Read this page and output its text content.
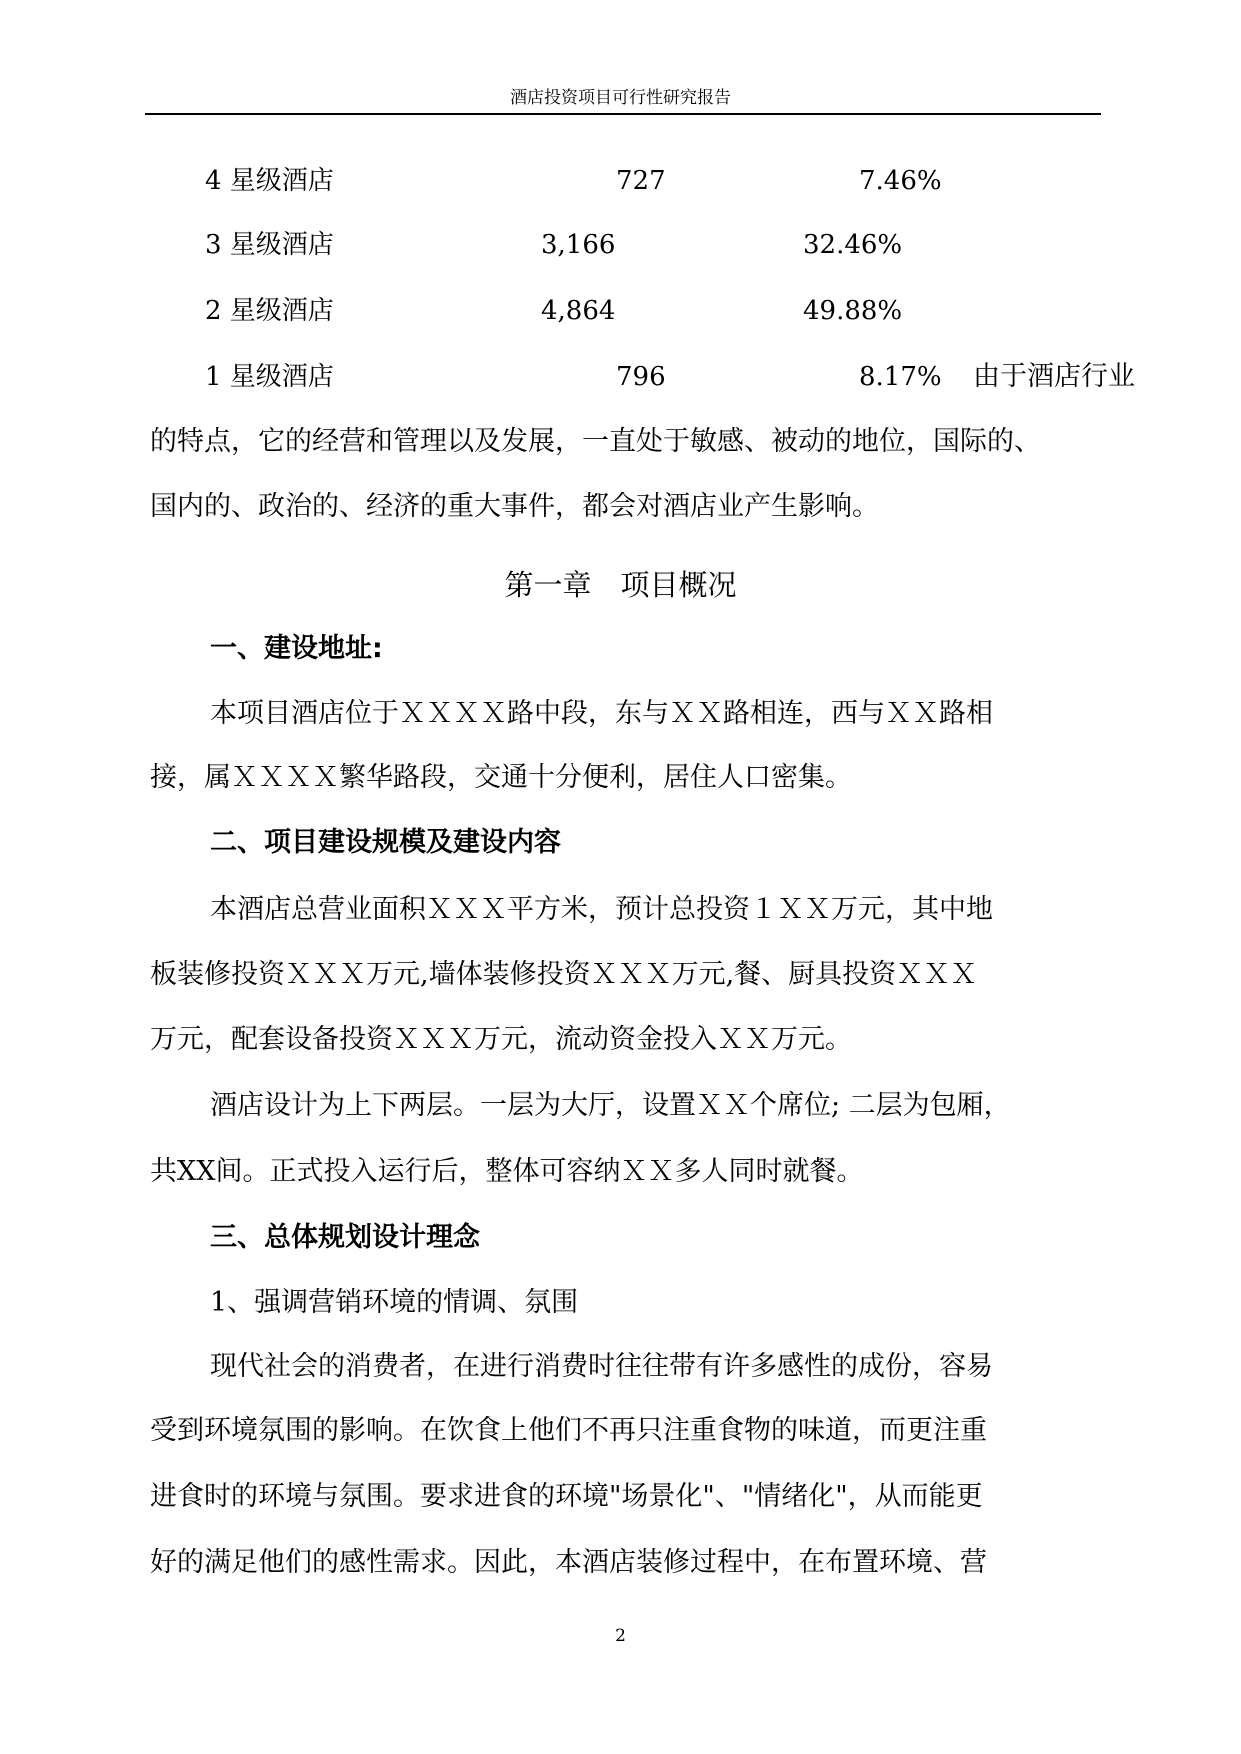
酒店投资项目可行性研究报告
4 星级酒店	727	7.46%
3 星级酒店	3,166	32.46%
2 星级酒店	4,864	49.88%
1 星级酒店	796	8.17% 由于酒店行业
的特点，它的经营和管理以及发展，一直处于敏感、被动的地位，国际的、
国内的、政治的、经济的重大事件，都会对酒店业产生影响。
第一章　项目概况
一、建设地址:
本项目酒店位于ＸＸＸＸ路中段，东与ＸＸ路相连，西与ＸＸ路相
接，属ＸＸＸＸ繁华路段，交通十分便利，居住人口密集。
二、项目建设规模及建设内容
本酒店总营业面积ＸＸＸ平方米，预计总投资１ＸＸ万元，其中地
板装修投资ＸＸＸ万元,墙体装修投资ＸＸＸ万元,餐、厨具投资ＸＸＸ
万元，配套设备投资ＸＸＸ万元，流动资金投入ＸＸ万元。
酒店设计为上下两层。一层为大厅，设置ＸＸ个席位; 二层为包厢，
共XX间。正式投入运行后，整体可容纳ＸＸ多人同时就餐。
三、总体规划设计理念
1、强调营销环境的情调、氛围
现代社会的消费者，在进行消费时往往带有许多感性的成份，容易
受到环境氛围的影响。在饮食上他们不再只注重食物的味道，而更注重
进食时的环境与氛围。要求进食的环境"场景化"、"情绪化"，从而能更
好的满足他们的感性需求。因此，本酒店装修过程中，在布置环境、营
2
